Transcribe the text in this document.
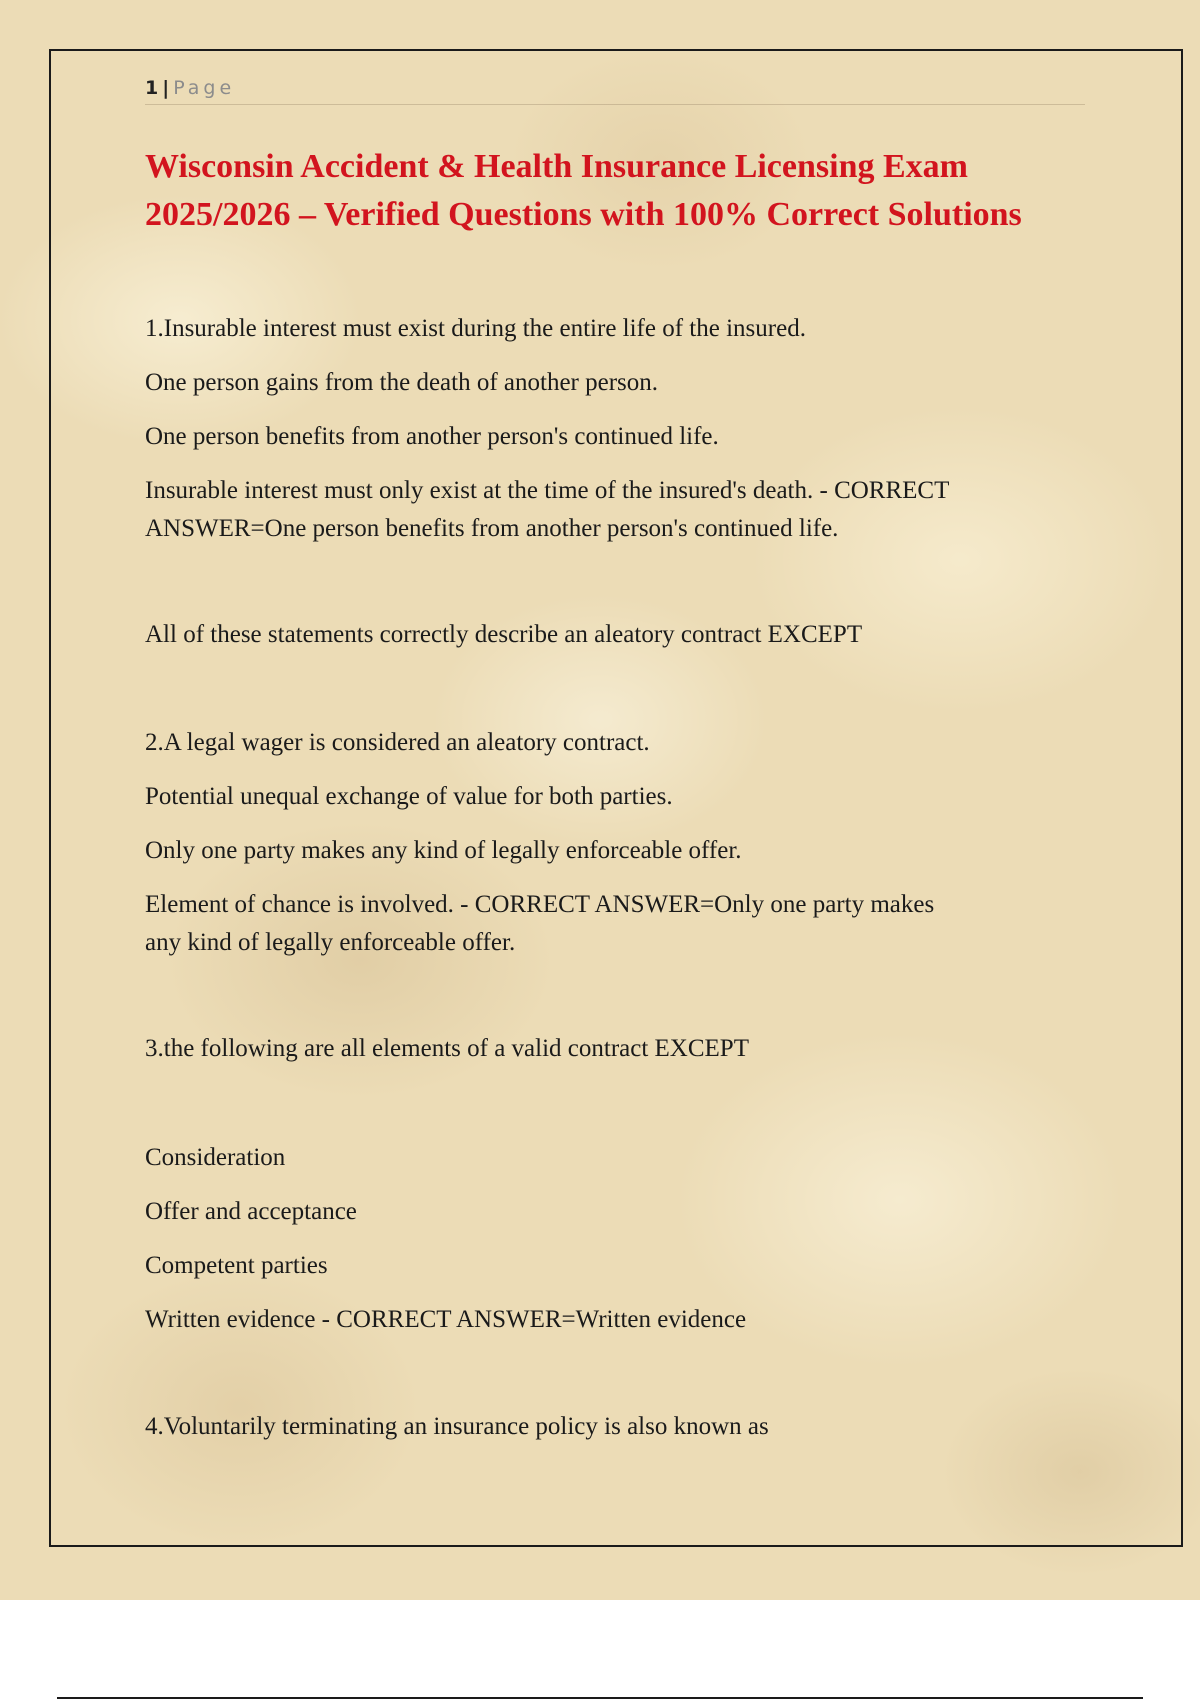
1 | Page
Wisconsin Accident & Health Insurance Licensing Exam
2025/2026 – Verified Questions with 100% Correct Solutions

1.Insurable interest must exist during the entire life of the insured.

One person gains from the death of another person.

One person benefits from another person's continued life.

Insurable interest must only exist at the time of the insured's death. - CORRECT
ANSWER=One person benefits from another person's continued life.

All of these statements correctly describe an aleatory contract EXCEPT

2.A legal wager is considered an aleatory contract.

Potential unequal exchange of value for both parties.

Only one party makes any kind of legally enforceable offer.

Element of chance is involved. - CORRECT ANSWER=Only one party makes
any kind of legally enforceable offer.

3.the following are all elements of a valid contract EXCEPT

Consideration

Offer and acceptance

Competent parties

Written evidence - CORRECT ANSWER=Written evidence

4.Voluntarily terminating an insurance policy is also known as
